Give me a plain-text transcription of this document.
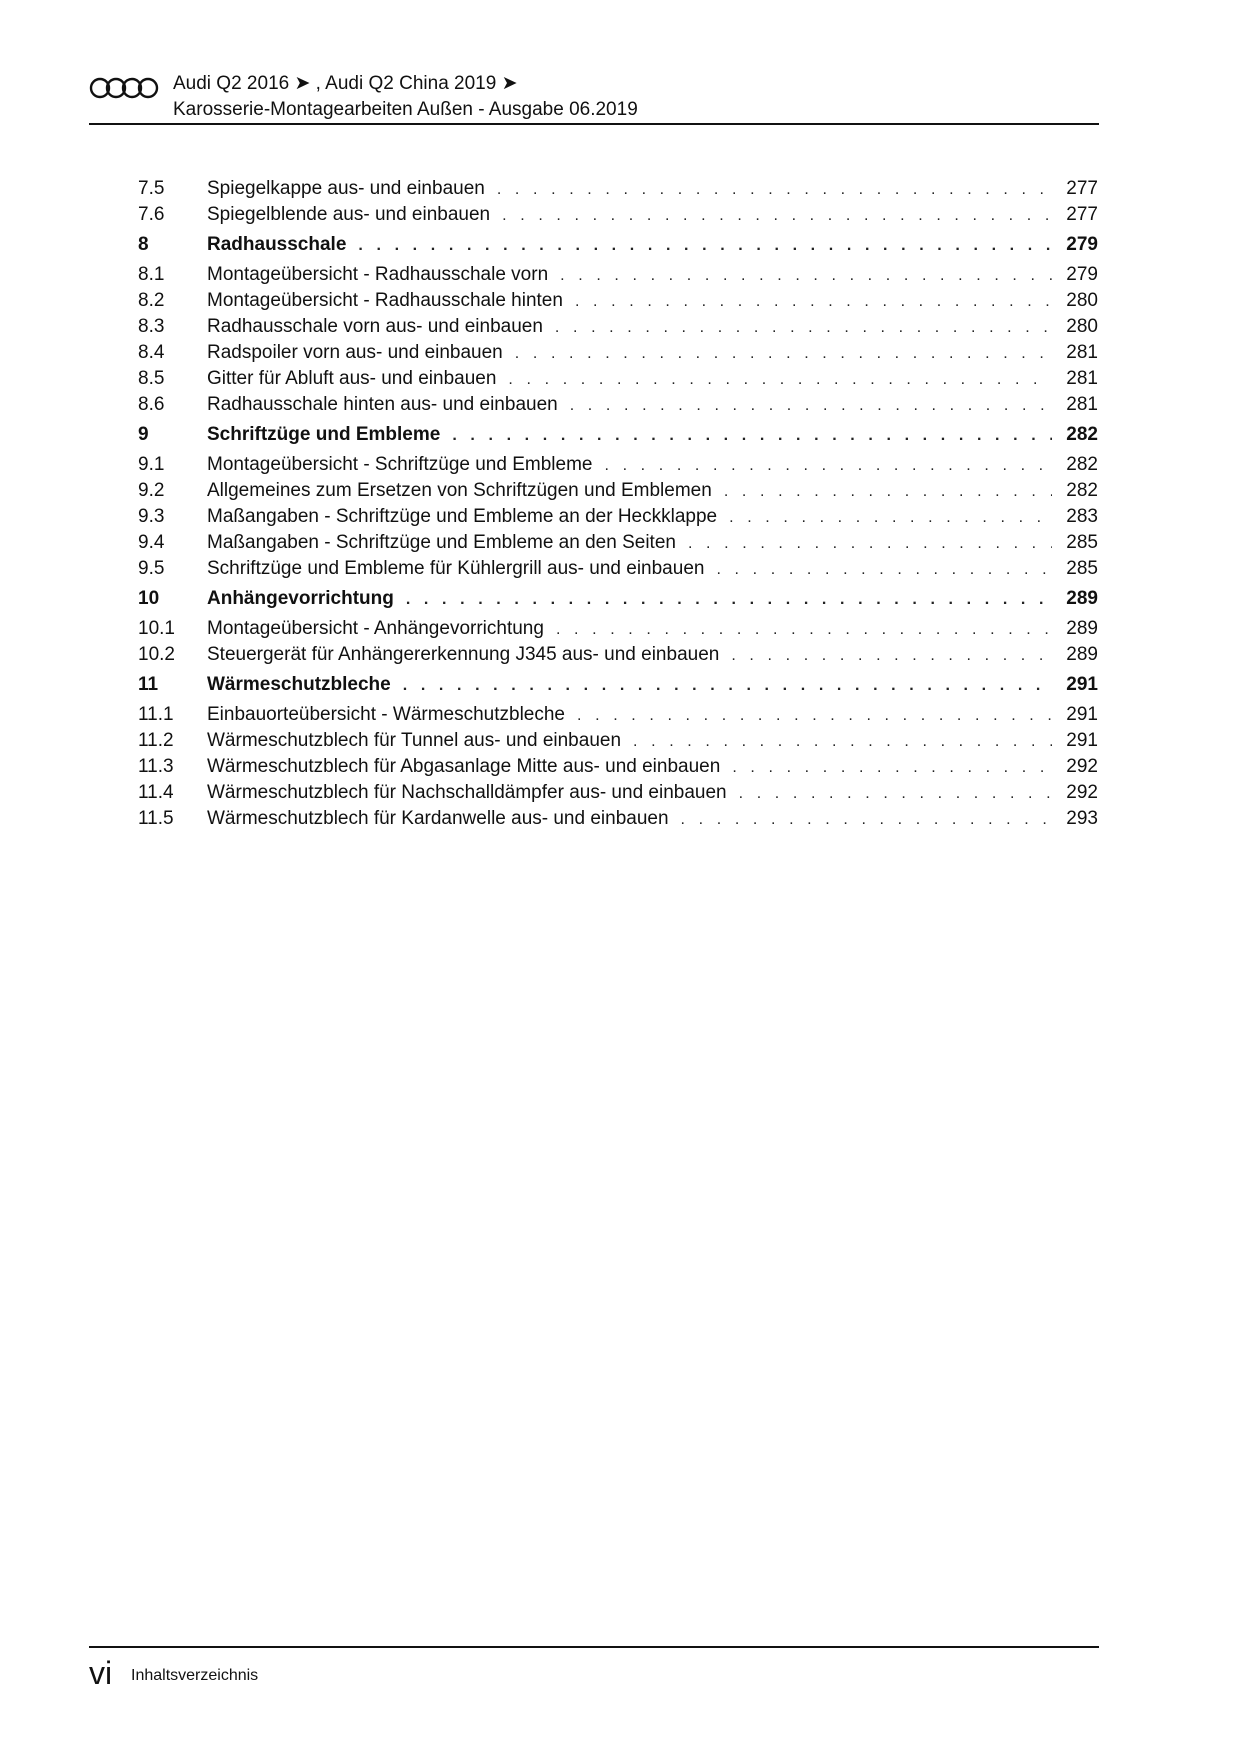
Audi Q2 2016 ➤ , Audi Q2 China 2019 ➤
Karosserie-Montagearbeiten Außen - Ausgabe 06.2019
7.5	Spiegelkappe aus- und einbauen . . .	277
7.6	Spiegelblende aus- und einbauen . . .	277
8	Radhausschale . . .	279
8.1	Montageübersicht - Radhausschale vorn . . .	279
8.2	Montageübersicht - Radhausschale hinten . . .	280
8.3	Radhausschale vorn aus- und einbauen . . .	280
8.4	Radspoiler vorn aus- und einbauen . . .	281
8.5	Gitter für Abluft aus- und einbauen . . .	281
8.6	Radhausschale hinten aus- und einbauen . . .	281
9	Schriftzüge und Embleme . . .	282
9.1	Montageübersicht - Schriftzüge und Embleme . . .	282
9.2	Allgemeines zum Ersetzen von Schriftzügen und Emblemen . . .	282
9.3	Maßangaben - Schriftzüge und Embleme an der Heckklappe . . .	283
9.4	Maßangaben - Schriftzüge und Embleme an den Seiten . . .	285
9.5	Schriftzüge und Embleme für Kühlergrill aus- und einbauen . . .	285
10	Anhängevorrichtung . . .	289
10.1	Montageübersicht - Anhängevorrichtung . . .	289
10.2	Steuergerät für Anhängererkennung J345 aus- und einbauen . . .	289
11	Wärmeschutzbleche . . .	291
11.1	Einbauorteübersicht - Wärmeschutzbleche . . .	291
11.2	Wärmeschutzblech für Tunnel aus- und einbauen . . .	291
11.3	Wärmeschutzblech für Abgasanlage Mitte aus- und einbauen . . .	292
11.4	Wärmeschutzblech für Nachschalldämpfer aus- und einbauen . . .	292
11.5	Wärmeschutzblech für Kardanwelle aus- und einbauen . . .	293
vi Inhaltsverzeichnis
